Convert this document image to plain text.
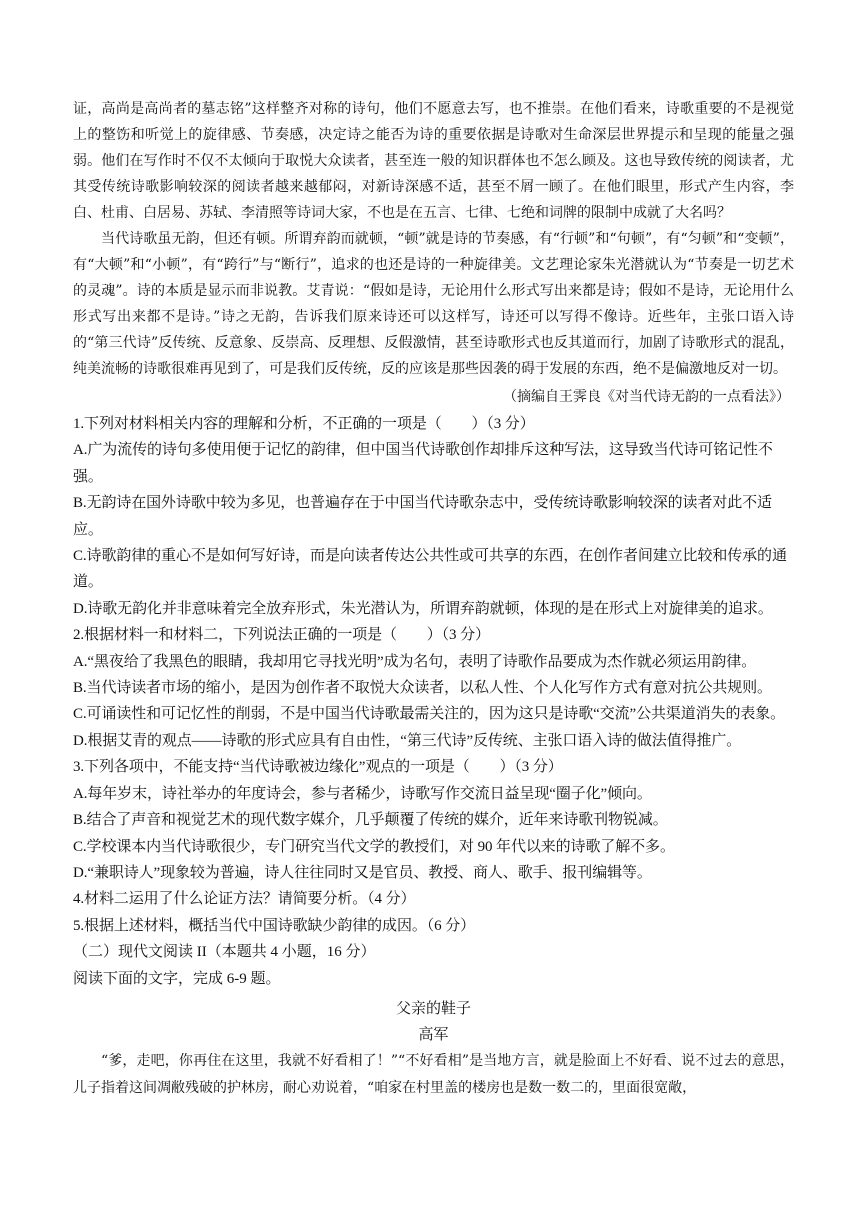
证，高尚是高尚者的墓志铭”这样整齐对称的诗句，他们不愿意去写，也不推崇。在他们看来，诗歌重要的不是视觉上的整饬和听觉上的旋律感、节奏感，决定诗之能否为诗的重要依据是诗歌对生命深层世界提示和呈现的能量之强弱。他们在写作时不仅不太倾向于取悦大众读者，甚至连一般的知识群体也不怎么顾及。这也导致传统的阅读者，尤其受传统诗歌影响较深的阅读者越来越郁闷，对新诗深感不适，甚至不屑一顾了。在他们眼里，形式产生内容，李白、杜甫、白居易、苏轼、李清照等诗词大家，不也是在五言、七律、七绝和词牌的限制中成就了大名吗？

当代诗歌虽无韵，但还有顿。所谓弃韵而就顿，“顿”就是诗的节奏感，有“行顿”和“句顿”，有“匀顿”和“变顿”，有“大顿”和“小顿”，有“跨行”与“断行”，追求的也还是诗的一种旋律美。文艺理论家朱光潜就认为“节奏是一切艺术的灵魂”。诗的本质是显示而非说教。艾青说：“假如是诗，无论用什么形式写出来都是诗；假如不是诗，无论用什么形式写出来都不是诗。”诗之无韵，告诉我们原来诗还可以这样写，诗还可以写得不像诗。近些年，主张口语入诗的“第三代诗”反传统、反意象、反崇高、反理想、反假激情，甚至诗歌形式也反其道而行，加剧了诗歌形式的混乱，纯美流畅的诗歌很难再见到了，可是我们反传统，反的应该是那些因袭的碍于发展的东西，绝不是偏激地反对一切。

（摘编自王霁良《对当代诗无韵的一点看法》）

1.下列对材料相关内容的理解和分析，不正确的一项是（　　）（3 分）

A.广为流传的诗句多使用便于记忆的韵律，但中国当代诗歌创作却排斥这种写法，这导致当代诗可铭记性不强。

B.无韵诗在国外诗歌中较为多见，也普遍存在于中国当代诗歌杂志中，受传统诗歌影响较深的读者对此不适应。

C.诗歌韵律的重心不是如何写好诗，而是向读者传达公共性或可共享的东西，在创作者间建立比较和传承的通道。

D.诗歌无韵化并非意味着完全放弃形式，朱光潜认为，所谓弃韵就顿，体现的是在形式上对旋律美的追求。

2.根据材料一和材料二，下列说法正确的一项是（　　）（3 分）

A.“黑夜给了我黑色的眼睛，我却用它寻找光明”成为名句，表明了诗歌作品要成为杰作就必须运用韵律。

B.当代诗读者市场的缩小，是因为创作者不取悦大众读者，以私人性、个人化写作方式有意对抗公共规则。

C.可诵读性和可记忆性的削弱，不是中国当代诗歌最需关注的，因为这只是诗歌“交流”公共渠道消失的表象。

D.根据艾青的观点——诗歌的形式应具有自由性，“第三代诗”反传统、主张口语入诗的做法值得推广。

3.下列各项中，不能支持“当代诗歌被边缘化”观点的一项是（　　）（3 分）

A.每年岁末，诗社举办的年度诗会，参与者稀少，诗歌写作交流日益呈现“圈子化”倾向。

B.结合了声音和视觉艺术的现代数字媒介，几乎颠覆了传统的媒介，近年来诗歌刊物锐减。

C.学校课本内当代诗歌很少，专门研究当代文学的教授们，对 90 年代以来的诗歌了解不多。

D.“兼职诗人”现象较为普遍，诗人往往同时又是官员、教授、商人、歌手、报刊编辑等。

4.材料二运用了什么论证方法？请简要分析。（4 分）

5.根据上述材料，概括当代中国诗歌缺少韵律的成因。（6 分）

（二）现代文阅读 II（本题共 4 小题，16 分）

阅读下面的文字，完成 6-9 题。

父亲的鞋子

高军

“爹，走吧，你再住在这里，我就不好看相了！”“不好看相”是当地方言，就是脸面上不好看、说不过去的意思，儿子指着这间凋敝残破的护林房，耐心劝说着，“咱家在村里盖的楼房也是数一数二的，里面很宽敞，
